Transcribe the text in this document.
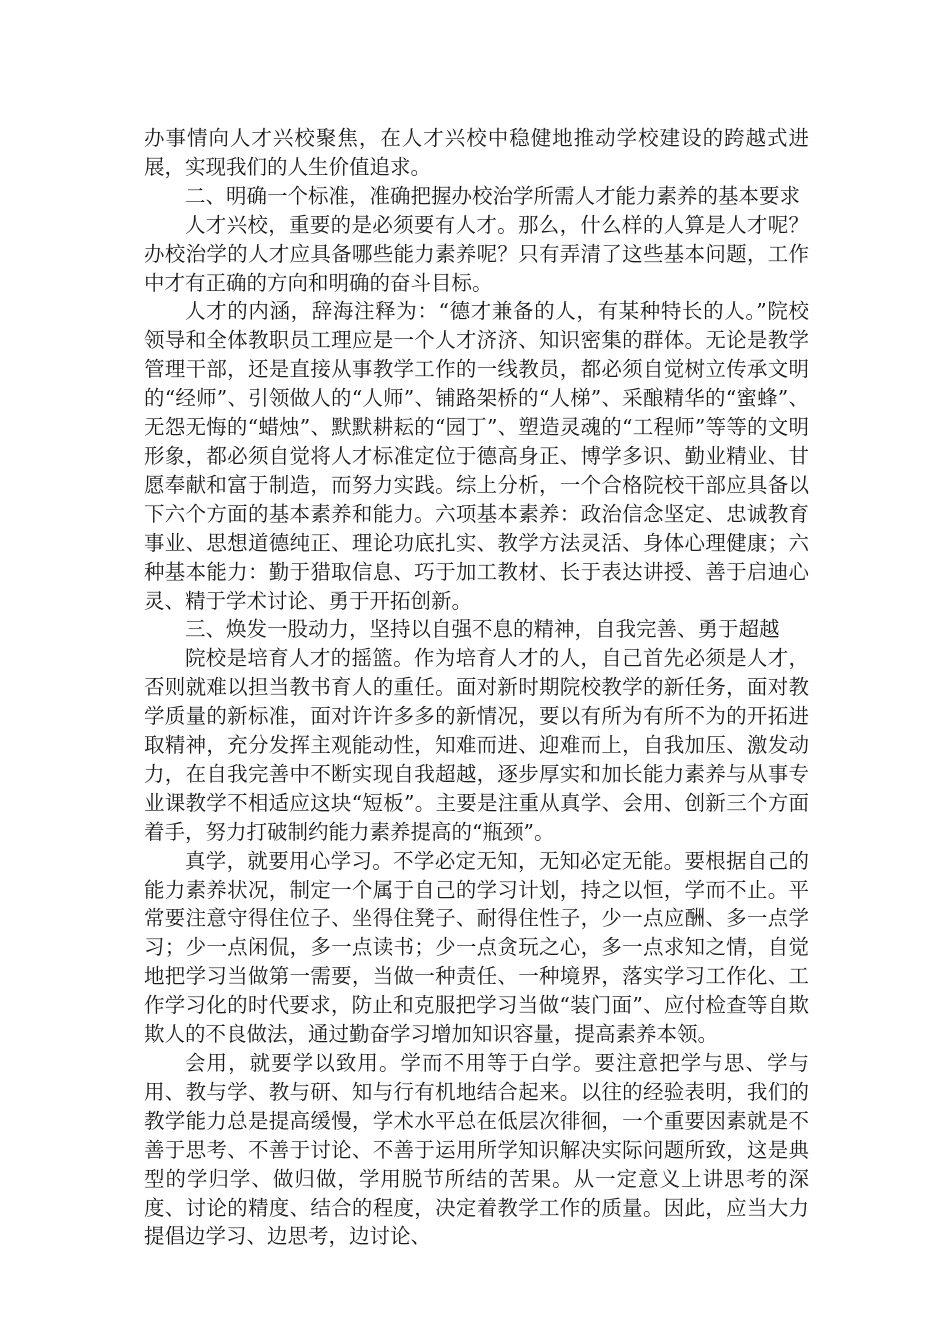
办事情向人才兴校聚焦，在人才兴校中稳健地推动学校建设的跨越式进展，实现我们的人生价值追求。

二、明确一个标准，准确把握办校治学所需人才能力素养的基本要求

人才兴校，重要的是必须要有人才。那么，什么样的人算是人才呢？办校治学的人才应具备哪些能力素养呢？只有弄清了这些基本问题，工作中才有正确的方向和明确的奋斗目标。

人才的内涵，辞海注释为：“德才兼备的人，有某种特长的人。”院校领导和全体教职员工理应是一个人才济济、知识密集的群体。无论是教学管理干部，还是直接从事教学工作的一线教员，都必须自觉树立传承文明的“经师”、引领做人的“人师”、铺路架桥的“人梯”、采酿精华的“蜜蜂”、无怨无悔的“蜡烛”、默默耕耘的“园丁”、塑造灵魂的“工程师”等等的文明形象，都必须自觉将人才标准定位于德高身正、博学多识、勤业精业、甘愿奉献和富于制造，而努力实践。综上分析，一个合格院校干部应具备以下六个方面的基本素养和能力。六项基本素养：政治信念坚定、忠诚教育事业、思想道德纯正、理论功底扎实、教学方法灵活、身体心理健康；六种基本能力：勤于猎取信息、巧于加工教材、长于表达讲授、善于启迪心灵、精于学术讨论、勇于开拓创新。

三、焕发一股动力，坚持以自强不息的精神，自我完善、勇于超越

院校是培育人才的摇篮。作为培育人才的人，自己首先必须是人才，否则就难以担当教书育人的重任。面对新时期院校教学的新任务，面对教学质量的新标准，面对许许多多的新情况，要以有所为有所不为的开拓进取精神，充分发挥主观能动性，知难而进、迎难而上，自我加压、激发动力，在自我完善中不断实现自我超越，逐步厚实和加长能力素养与从事专业课教学不相适应这块“短板”。主要是注重从真学、会用、创新三个方面着手，努力打破制约能力素养提高的“瓶颈”。

真学，就要用心学习。不学必定无知，无知必定无能。要根据自己的能力素养状况，制定一个属于自己的学习计划，持之以恒，学而不止。平常要注意守得住位子、坐得住凳子、耐得住性子，少一点应酬、多一点学习；少一点闲侃，多一点读书；少一点贪玩之心，多一点求知之情，自觉地把学习当做第一需要，当做一种责任、一种境界，落实学习工作化、工作学习化的时代要求，防止和克服把学习当做“装门面”、应付检查等自欺欺人的不良做法，通过勤奋学习增加知识容量，提高素养本领。

会用，就要学以致用。学而不用等于白学。要注意把学与思、学与用、教与学、教与研、知与行有机地结合起来。以往的经验表明，我们的教学能力总是提高缓慢，学术水平总在低层次徘徊，一个重要因素就是不善于思考、不善于讨论、不善于运用所学知识解决实际问题所致，这是典型的学归学、做归做，学用脱节所结的苦果。从一定意义上讲思考的深度、讨论的精度、结合的程度，决定着教学工作的质量。因此，应当大力提倡边学习、边思考，边讨论、
